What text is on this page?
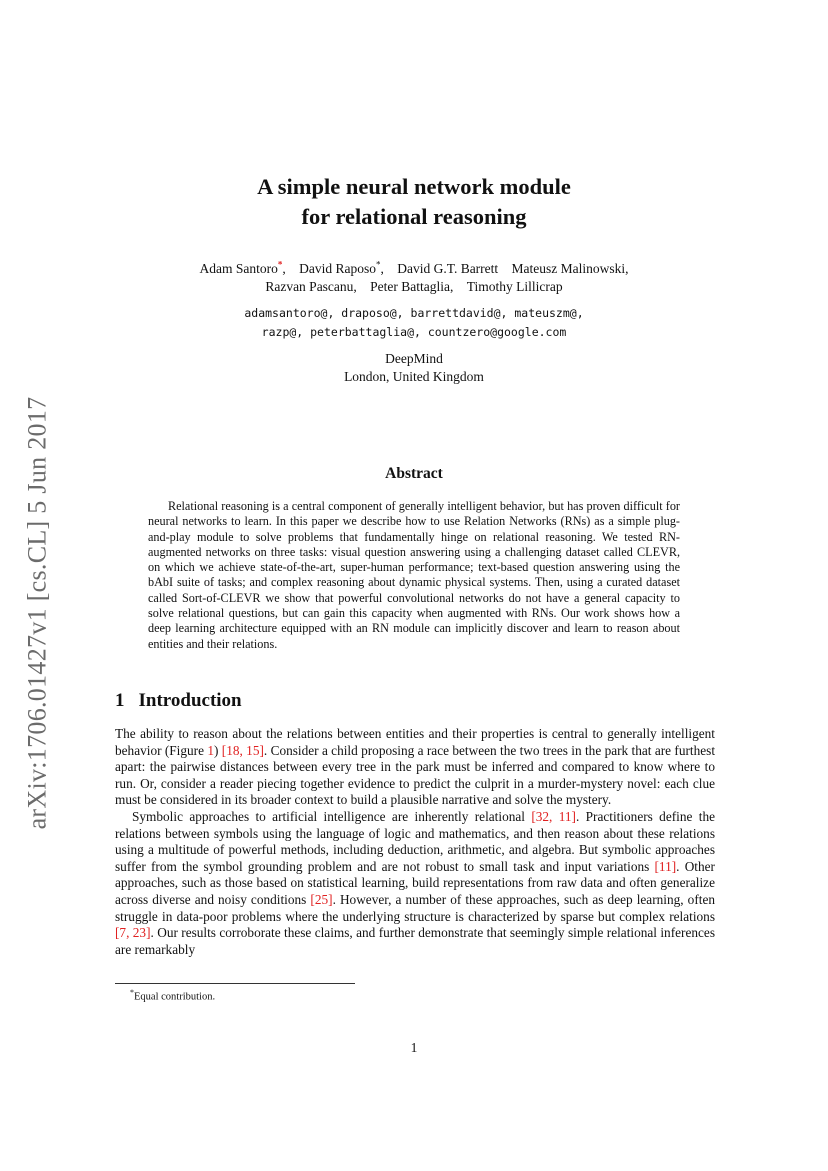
arXiv:1706.01427v1 [cs.CL] 5 Jun 2017
A simple neural network module
for relational reasoning
Adam Santoro*, David Raposo*, David G.T. Barrett Mateusz Malinowski,
Razvan Pascanu, Peter Battaglia, Timothy Lillicrap
adamsantoro@, draposo@, barrettdavid@, mateuszm@,
razp@, peterbattaglia@, countzero@google.com
DeepMind
London, United Kingdom
Abstract
Relational reasoning is a central component of generally intelligent behavior, but has proven difficult for neural networks to learn. In this paper we describe how to use Relation Networks (RNs) as a simple plug-and-play module to solve problems that fundamentally hinge on relational reasoning. We tested RN-augmented networks on three tasks: visual question answering using a challenging dataset called CLEVR, on which we achieve state-of-the-art, super-human performance; text-based question answering using the bAbI suite of tasks; and complex reasoning about dynamic physical systems. Then, using a curated dataset called Sort-of-CLEVR we show that powerful convolutional networks do not have a general capacity to solve relational questions, but can gain this capacity when augmented with RNs. Our work shows how a deep learning architecture equipped with an RN module can implicitly discover and learn to reason about entities and their relations.
1 Introduction

The ability to reason about the relations between entities and their properties is central to generally intelligent behavior (Figure 1) [18, 15]. Consider a child proposing a race between the two trees in the park that are furthest apart: the pairwise distances between every tree in the park must be inferred and compared to know where to run. Or, consider a reader piecing together evidence to predict the culprit in a murder-mystery novel: each clue must be considered in its broader context to build a plausible narrative and solve the mystery.

Symbolic approaches to artificial intelligence are inherently relational [32, 11]. Practitioners define the relations between symbols using the language of logic and mathematics, and then reason about these relations using a multitude of powerful methods, including deduction, arithmetic, and algebra. But symbolic approaches suffer from the symbol grounding problem and are not robust to small task and input variations [11]. Other approaches, such as those based on statistical learning, build representations from raw data and often generalize across diverse and noisy conditions [25]. However, a number of these approaches, such as deep learning, often struggle in data-poor problems where the underlying structure is characterized by sparse but complex relations [7, 23]. Our results corroborate these claims, and further demonstrate that seemingly simple relational inferences are remarkably

*Equal contribution.
1
